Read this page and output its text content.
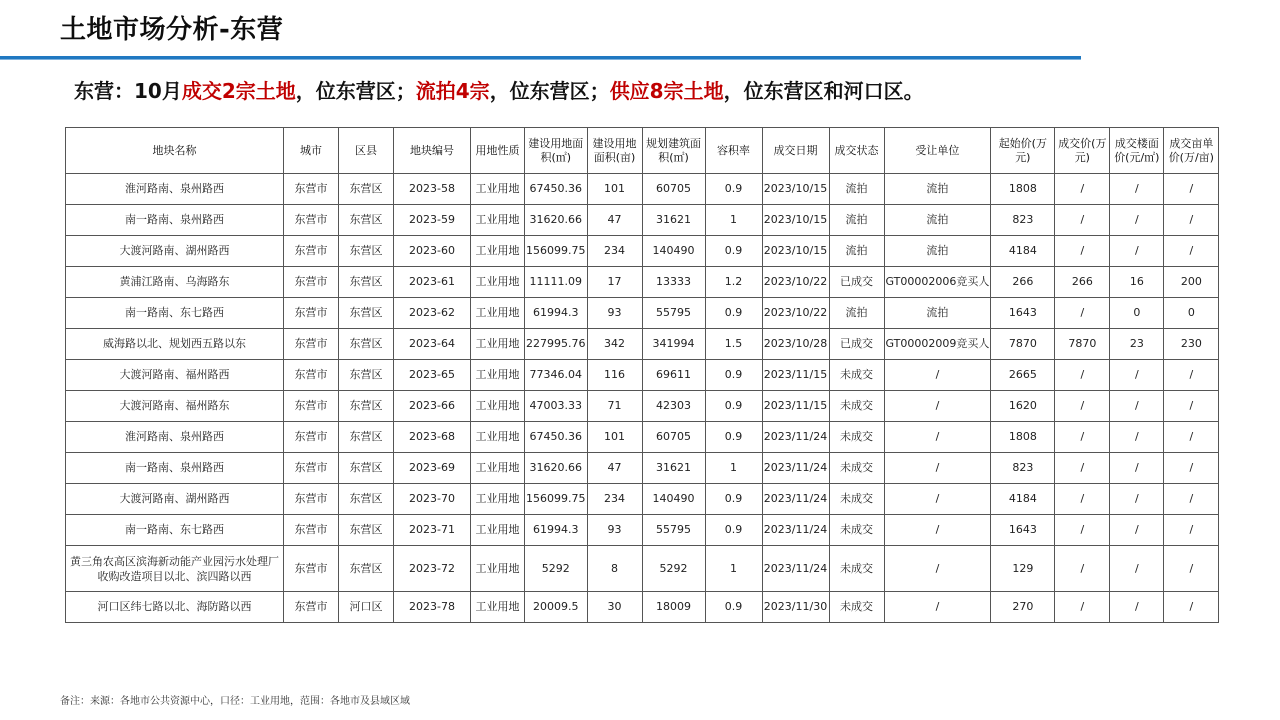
土地市场分析-东营
东营：10月成交2宗土地，位东营区；流拍4宗，位东营区；供应8宗土地，位东营区和河口区。
地块名称	城市	区县	地块编号	用地性质	建设用地面积(㎡)	建设用地面积(亩)	规划建筑面积(㎡)	容积率	成交日期	成交状态	受让单位	起始价(万元)	成交价(万元)	成交楼面价(元/㎡)	成交亩单价(万/亩)
淮河路南、泉州路西	东营市	东营区	2023-58	工业用地	67450.36	101	60705	0.9	2023/10/15	流拍	流拍	1808	/	/	/
南一路南、泉州路西	东营市	东营区	2023-59	工业用地	31620.66	47	31621	1	2023/10/15	流拍	流拍	823	/	/	/
大渡河路南、湖州路西	东营市	东营区	2023-60	工业用地	156099.75	234	140490	0.9	2023/10/15	流拍	流拍	4184	/	/	/
黄浦江路南、乌海路东	东营市	东营区	2023-61	工业用地	11111.09	17	13333	1.2	2023/10/22	已成交	GT00002006竞买人	266	266	16	200
南一路南、东七路西	东营市	东营区	2023-62	工业用地	61994.3	93	55795	0.9	2023/10/22	流拍	流拍	1643	/	0	0
威海路以北、规划西五路以东	东营市	东营区	2023-64	工业用地	227995.76	342	341994	1.5	2023/10/28	已成交	GT00002009竞买人	7870	7870	23	230
大渡河路南、福州路西	东营市	东营区	2023-65	工业用地	77346.04	116	69611	0.9	2023/11/15	未成交	/	2665	/	/	/
大渡河路南、福州路东	东营市	东营区	2023-66	工业用地	47003.33	71	42303	0.9	2023/11/15	未成交	/	1620	/	/	/
淮河路南、泉州路西	东营市	东营区	2023-68	工业用地	67450.36	101	60705	0.9	2023/11/24	未成交	/	1808	/	/	/
南一路南、泉州路西	东营市	东营区	2023-69	工业用地	31620.66	47	31621	1	2023/11/24	未成交	/	823	/	/	/
大渡河路南、湖州路西	东营市	东营区	2023-70	工业用地	156099.75	234	140490	0.9	2023/11/24	未成交	/	4184	/	/	/
南一路南、东七路西	东营市	东营区	2023-71	工业用地	61994.3	93	55795	0.9	2023/11/24	未成交	/	1643	/	/	/
黄三角农高区滨海新动能产业园污水处理厂收购改造项目以北、滨四路以西	东营市	东营区	2023-72	工业用地	5292	8	5292	1	2023/11/24	未成交	/	129	/	/	/
河口区纬七路以北、海防路以西	东营市	河口区	2023-78	工业用地	20009.5	30	18009	0.9	2023/11/30	未成交	/	270	/	/	/
备注：来源：各地市公共资源中心，口径：工业用地，范围：各地市及县域区域
